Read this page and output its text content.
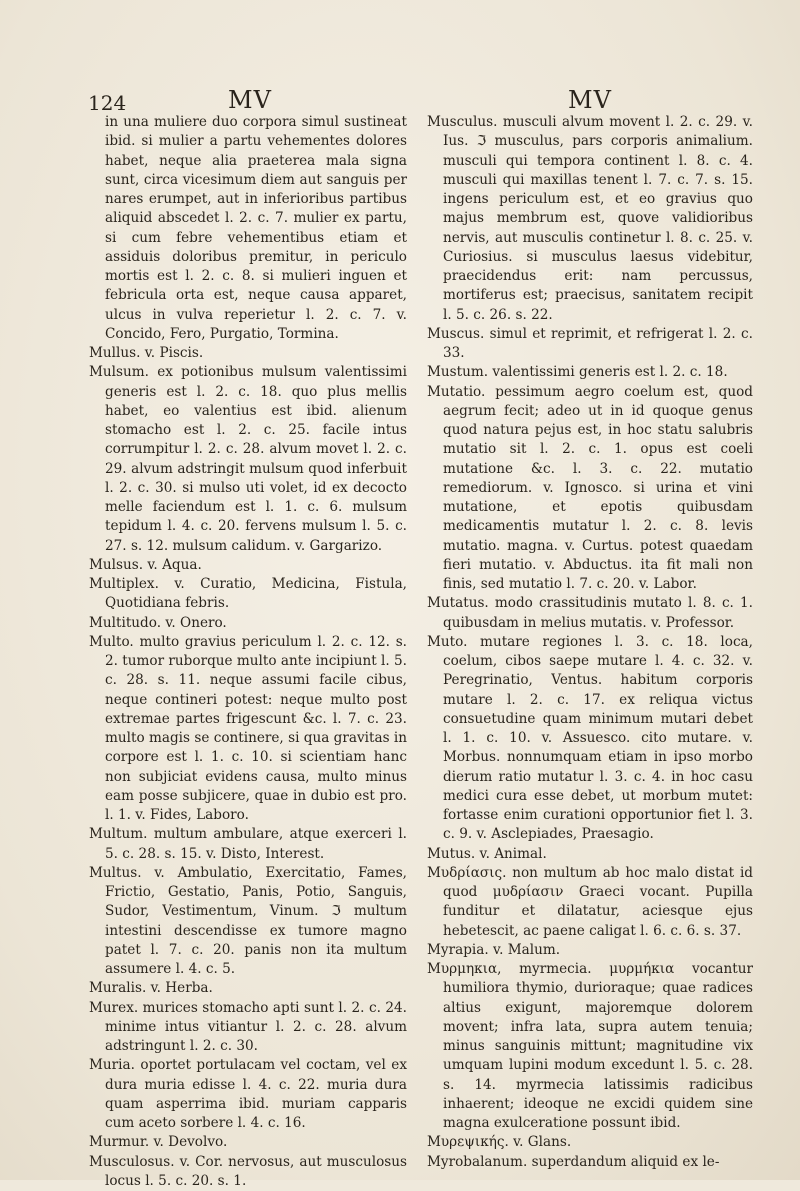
124	MV	MV

in una muliere duo corpora simul sustineat ibid. si mulier a partu vehementes dolores habet, neque alia praeterea mala signa sunt, circa vicesimum diem aut sanguis per nares erumpet, aut in inferioribus partibus aliquid abscedet l. 2. c. 7. mulier ex partu, si cum febre vehementibus etiam et assiduis doloribus premitur, in periculo mortis est l. 2. c. 8. si mulieri inguen et febricula orta est, neque causa apparet, ulcus in vulva reperietur l. 2. c. 7. v. Concido, Fero, Purgatio, Tormina.

Mullus. v. Piscis.

Mulsum. ex potionibus mulsum valentissimi generis est l. 2. c. 18. quo plus mellis habet, eo valentius est ibid. alienum stomacho est l. 2. c. 25. facile intus corrumpitur l. 2. c. 28. alvum movet l. 2. c. 29. alvum adstringit mulsum quod inferbuit l. 2. c. 30. si mulso uti volet, id ex decocto melle faciendum est l. 1. c. 6. mulsum tepidum l. 4. c. 20. fervens mulsum l. 5. c. 27. s. 12. mulsum calidum. v. Gargarizo.

Mulsus. v. Aqua.

Multiplex. v. Curatio, Medicina, Fistula, Quotidiana febris.

Multitudo. v. Onero.

Multo. multo gravius periculum l. 2. c. 12. s. 2. tumor ruborque multo ante incipiunt l. 5. c. 28. s. 11. neque assumi facile cibus, neque contineri potest: neque multo post extremae partes frigescunt &c. l. 7. c. 23. multo magis se continere, si qua gravitas in corpore est l. 1. c. 10. si scientiam hanc non subjiciat evidens causa, multo minus eam posse subjicere, quae in dubio est pro. l. 1. v. Fides, Laboro.

Multum. multum ambulare, atque exerceri l. 5. c. 28. s. 15. v. Disto, Interest.

Multus. v. Ambulatio, Exercitatio, Fames, Frictio, Gestatio, Panis, Potio, Sanguis, Sudor, Vestimentum, Vinum. ℑ multum intestini descendisse ex tumore magno patet l. 7. c. 20. panis non ita multum assumere l. 4. c. 5.

Muralis. v. Herba.

Murex. murices stomacho apti sunt l. 2. c. 24. minime intus vitiantur l. 2. c. 28. alvum adstringunt l. 2. c. 30.

Muria. oportet portulacam vel coctam, vel ex dura muria edisse l. 4. c. 22. muria dura quam asperrima ibid. muriam capparis cum aceto sorbere l. 4. c. 16.

Murmur. v. Devolvo.

Musculosus. v. Cor. nervosus, aut musculosus locus l. 5. c. 20. s. 1.

Musculus. musculi alvum movent l. 2. c. 29. v. Ius. ℑ musculus, pars corporis animalium. musculi qui tempora continent l. 8. c. 4. musculi qui maxillas tenent l. 7. c. 7. s. 15. ingens periculum est, et eo gravius quo majus membrum est, quove validioribus nervis, aut musculis continetur l. 8. c. 25. v. Curiosius. si musculus laesus videbitur, praecidendus erit: nam percussus, mortiferus est; praecisus, sanitatem recipit l. 5. c. 26. s. 22.

Muscus. simul et reprimit, et refrigerat l. 2. c. 33.

Mustum. valentissimi generis est l. 2. c. 18.

Mutatio. pessimum aegro coelum est, quod aegrum fecit; adeo ut in id quoque genus quod natura pejus est, in hoc statu salubris mutatio sit l. 2. c. 1. opus est coeli mutatione &c. l. 3. c. 22. mutatio remediorum. v. Ignosco. si urina et vini mutatione, et epotis quibusdam medicamentis mutatur l. 2. c. 8. levis mutatio. magna. v. Curtus. potest quaedam fieri mutatio. v. Abductus. ita fit mali non finis, sed mutatio l. 7. c. 20. v. Labor.

Mutatus. modo crassitudinis mutato l. 8. c. 1. quibusdam in melius mutatis. v. Professor.

Muto. mutare regiones l. 3. c. 18. loca, coelum, cibos saepe mutare l. 4. c. 32. v. Peregrinatio, Ventus. habitum corporis mutare l. 2. c. 17. ex reliqua victus consuetudine quam minimum mutari debet l. 1. c. 10. v. Assuesco. cito mutare. v. Morbus. nonnumquam etiam in ipso morbo dierum ratio mutatur l. 3. c. 4. in hoc casu medici cura esse debet, ut morbum mutet: fortasse enim curationi opportunior fiet l. 3. c. 9. v. Asclepiades, Praesagio.

Mutus. v. Animal.

Μυδρίασις. non multum ab hoc malo distat id quod μυδρίασιν Graeci vocant. Pupilla funditur et dilatatur, aciesque ejus hebetescit, ac paene caligat l. 6. c. 6. s. 37.

Myrapia. v. Malum.

Μυρμηκια, myrmecia. μυρμήκια vocantur humiliora thymio, durioraque; quae radices altius exigunt, majoremque dolorem movent; infra lata, supra autem tenuia; minus sanguinis mittunt; magnitudine vix umquam lupini modum excedunt l. 5. c. 28. s. 14. myrmecia latissimis radicibus inhaerent; ideoque ne excidi quidem sine magna exulceratione possunt ibid.

Μυρεψικής. v. Glans.

Myrobalanum. superdandum aliquid ex le-
